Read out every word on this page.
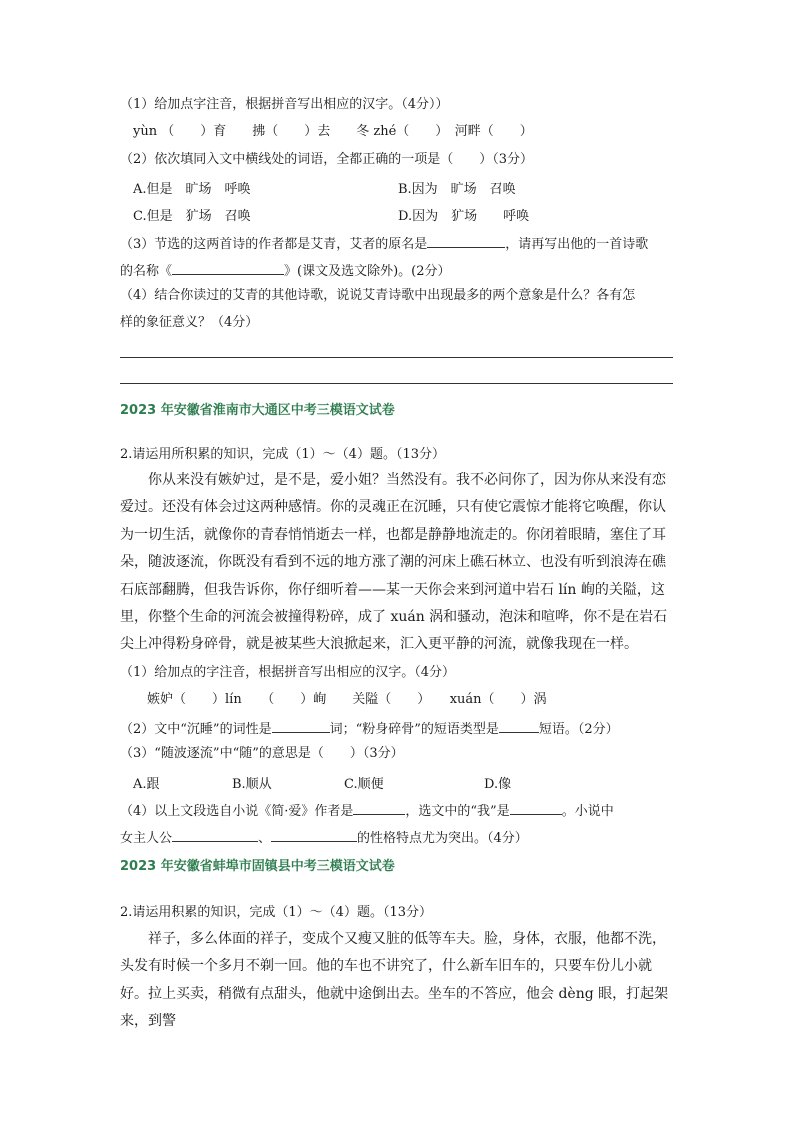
（1）给加点字注音，根据拼音写出相应的汉字。（4分））
yùn （　　）育　　拂（　　）去　　冬 zhé（　　）　河畔（　　）
（2）依次填同入文中横线处的词语，全都正确的一项是（　　）（3分）
A.但是　旷场　呼唤	B.因为　旷场　召唤
C.但是　犷场　召唤	D.因为　犷场　　呼唤
（3）节选的这两首诗的作者都是艾青，艾者的原名是	，请再写出他的一首诗歌
的名称《	》(课文及选文除外)。(2分）
（4）结合你读过的艾青的其他诗歌，说说艾青诗歌中出现最多的两个意象是什么？各有怎
样的象征意义？（4分）
2023 年安徽省淮南市大通区中考三模语文试卷
2.请运用所积累的知识，完成（1）～（4）题。（13分）
你从来没有嫉妒过，是不是，爱小姐？当然没有。我不必问你了，因为你从来没有恋爱过。还没有体会过这两种感情。你的灵魂正在沉睡，只有使它震惊才能将它唤醒，你认为一切生活，就像你的青春悄悄逝去一样，也都是静静地流走的。你闭着眼睛，塞住了耳朵，随波逐流，你既没有看到不远的地方涨了潮的河床上礁石林立、也没有听到浪涛在礁石底部翻腾，但我告诉你，你仔细听着——某一天你会来到河道中岩石 lín 峋的关隘，这里，你整个生命的河流会被撞得粉碎，成了 xuán 涡和骚动，泡沫和喧哗，你不是在岩石尖上冲得粉身碎骨，就是被某些大浪掀起来，汇入更平静的河流，就像我现在一样。
（1）给加点的字注音，根据拼音写出相应的汉字。（4分）
嫉妒（　　）lín　　（　　）峋　　关隘（　　）　　xuán（　　）涡
（2）文中“沉睡”的词性是	词；“粉身碎骨”的短语类型是	短语。（2分）
（3）“随波逐流”中“随”的意思是（　　）（3分）
A.跟	B.顺从	C.顺便	D.像
（4）以上文段选自小说《简·爱》作者是	，选文中的“我”是	。小说中
女主人公	、	的性格特点尤为突出。（4分）
2023 年安徽省蚌埠市固镇县中考三模语文试卷
2.请运用积累的知识，完成（1）～（4）题。（13分）
祥子，多么体面的祥子，变成个又瘦又脏的低等车夫。脸，身体，衣服，他都不洗，头发有时候一个多月不剃一回。他的车也不讲究了，什么新车旧车的，只要车份儿小就好。拉上买卖，稍微有点甜头，他就中途倒出去。坐车的不答应，他会 dèng 眼，打起架来，到警
